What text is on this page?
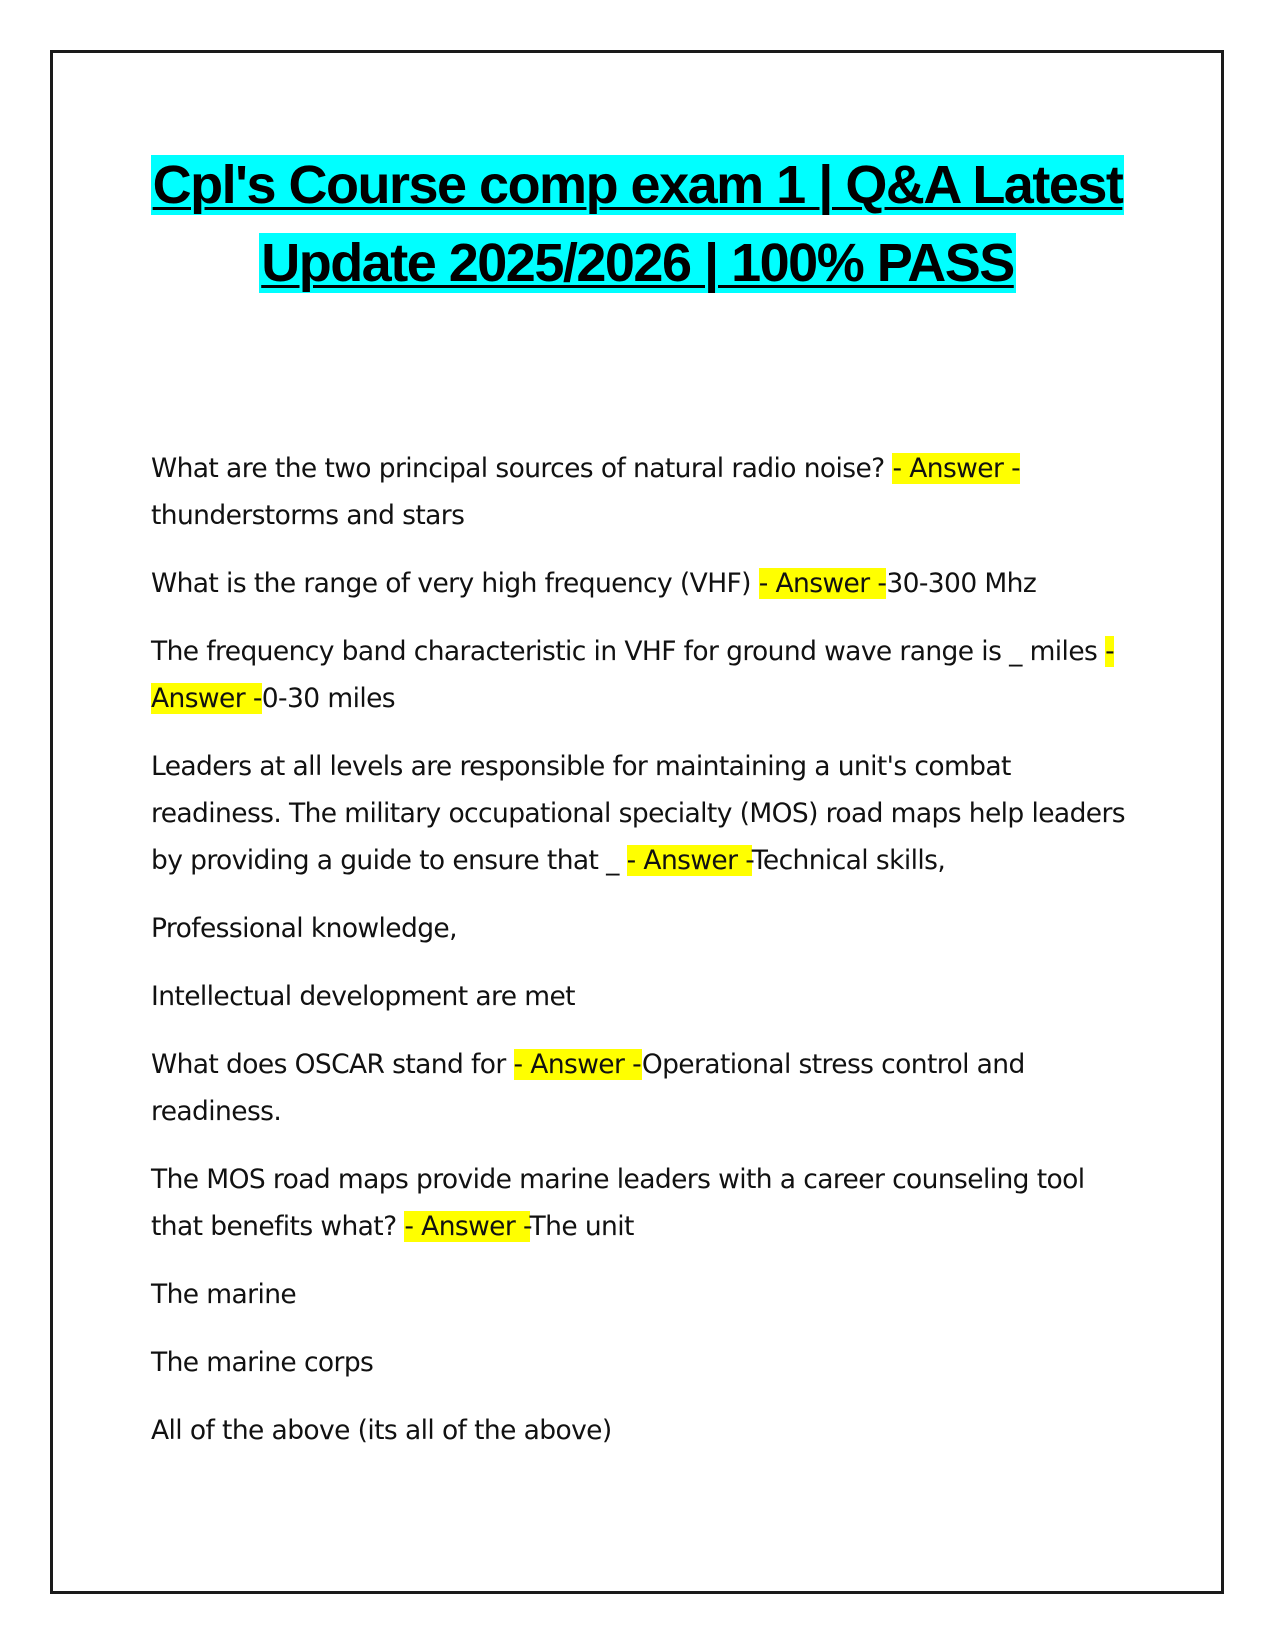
Cpl's Course comp exam 1 | Q&A Latest Update 2025/2026 | 100% PASS

What are the two principal sources of natural radio noise? - Answer - thunderstorms and stars

What is the range of very high frequency (VHF) - Answer -30-300 Mhz

The frequency band characteristic in VHF for ground wave range is _ miles - Answer -0-30 miles

Leaders at all levels are responsible for maintaining a unit's combat readiness. The military occupational specialty (MOS) road maps help leaders by providing a guide to ensure that _ - Answer -Technical skills,

Professional knowledge,

Intellectual development are met

What does OSCAR stand for - Answer -Operational stress control and readiness.

The MOS road maps provide marine leaders with a career counseling tool that benefits what? - Answer -The unit

The marine

The marine corps

All of the above (its all of the above)
